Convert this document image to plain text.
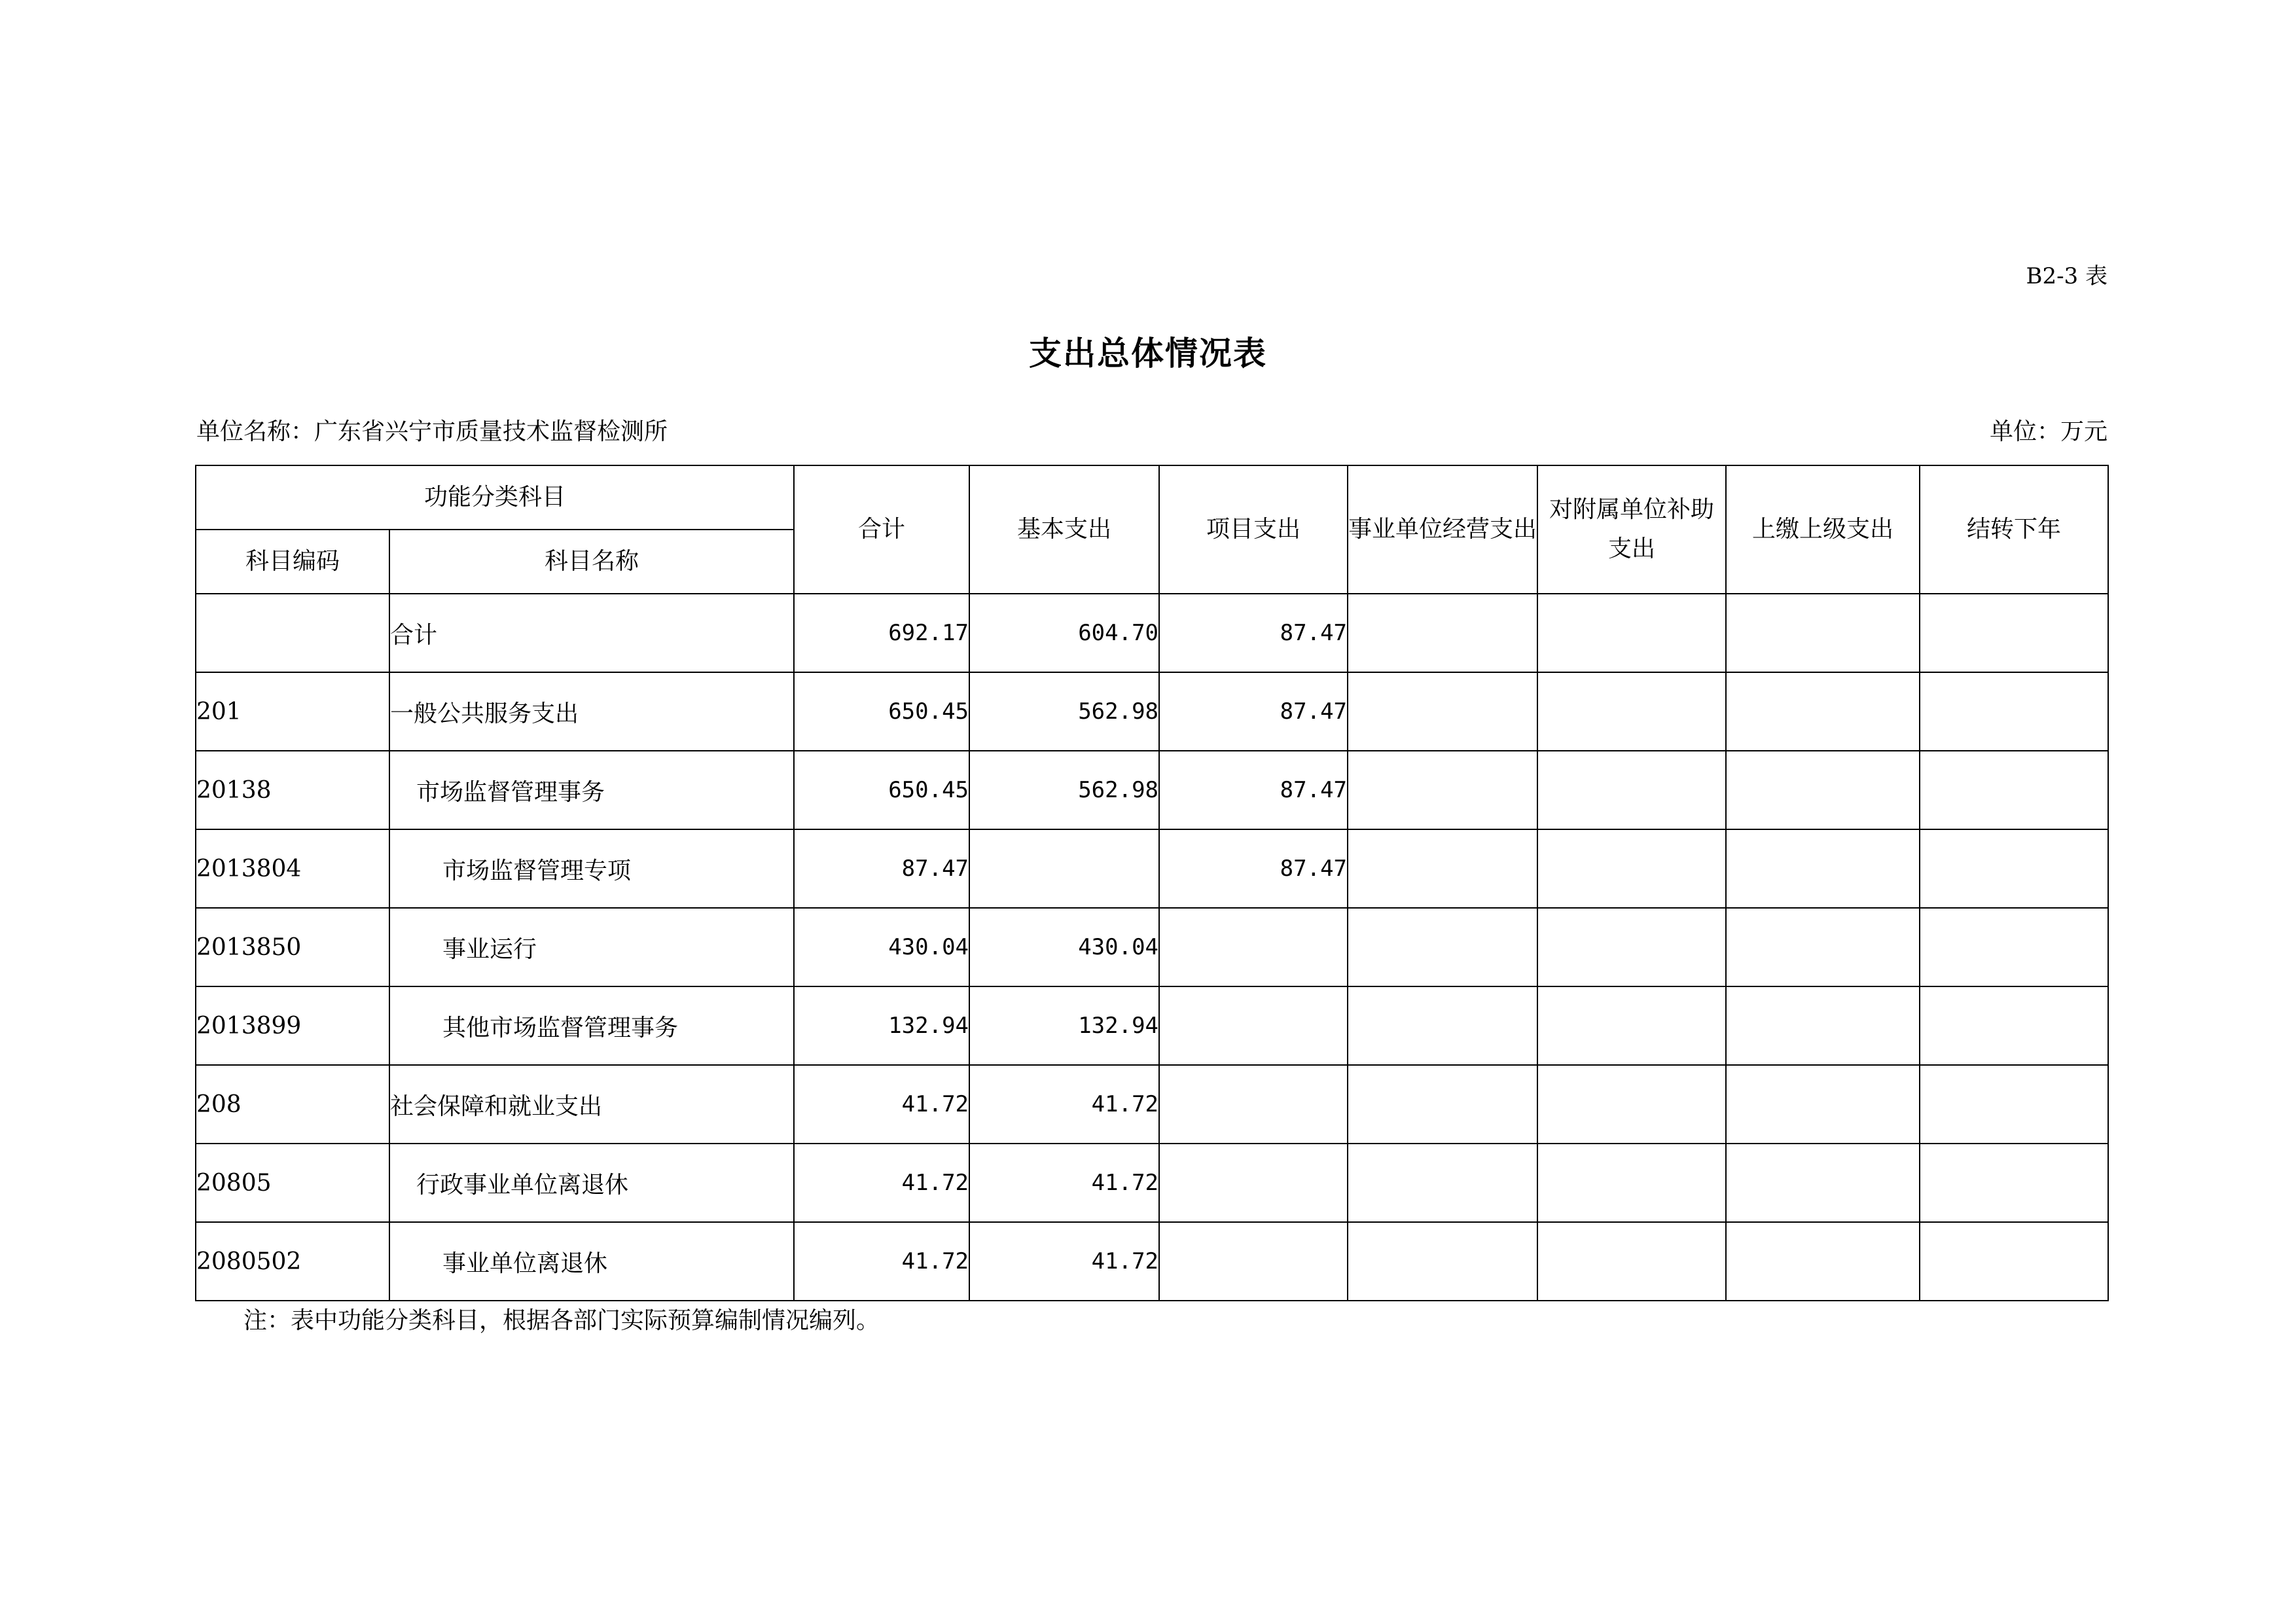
B2-3 表
支出总体情况表
单位名称：广东省兴宁市质量技术监督检测所	单位：万元
功能分类科目		合计	基本支出	项目支出	事业单位经营支出	对附属单位补助支出	上缴上级支出	结转下年
科目编码	科目名称							
	合计	692.17	604.70	87.47				
201	一般公共服务支出	650.45	562.98	87.47				
20138	市场监督管理事务	650.45	562.98	87.47				
2013804	市场监督管理专项	87.47		87.47				
2013850	事业运行	430.04	430.04					
2013899	其他市场监督管理事务	132.94	132.94					
208	社会保障和就业支出	41.72	41.72					
20805	行政事业单位离退休	41.72	41.72					
2080502	事业单位离退休	41.72	41.72					
注：表中功能分类科目，根据各部门实际预算编制情况编列。
